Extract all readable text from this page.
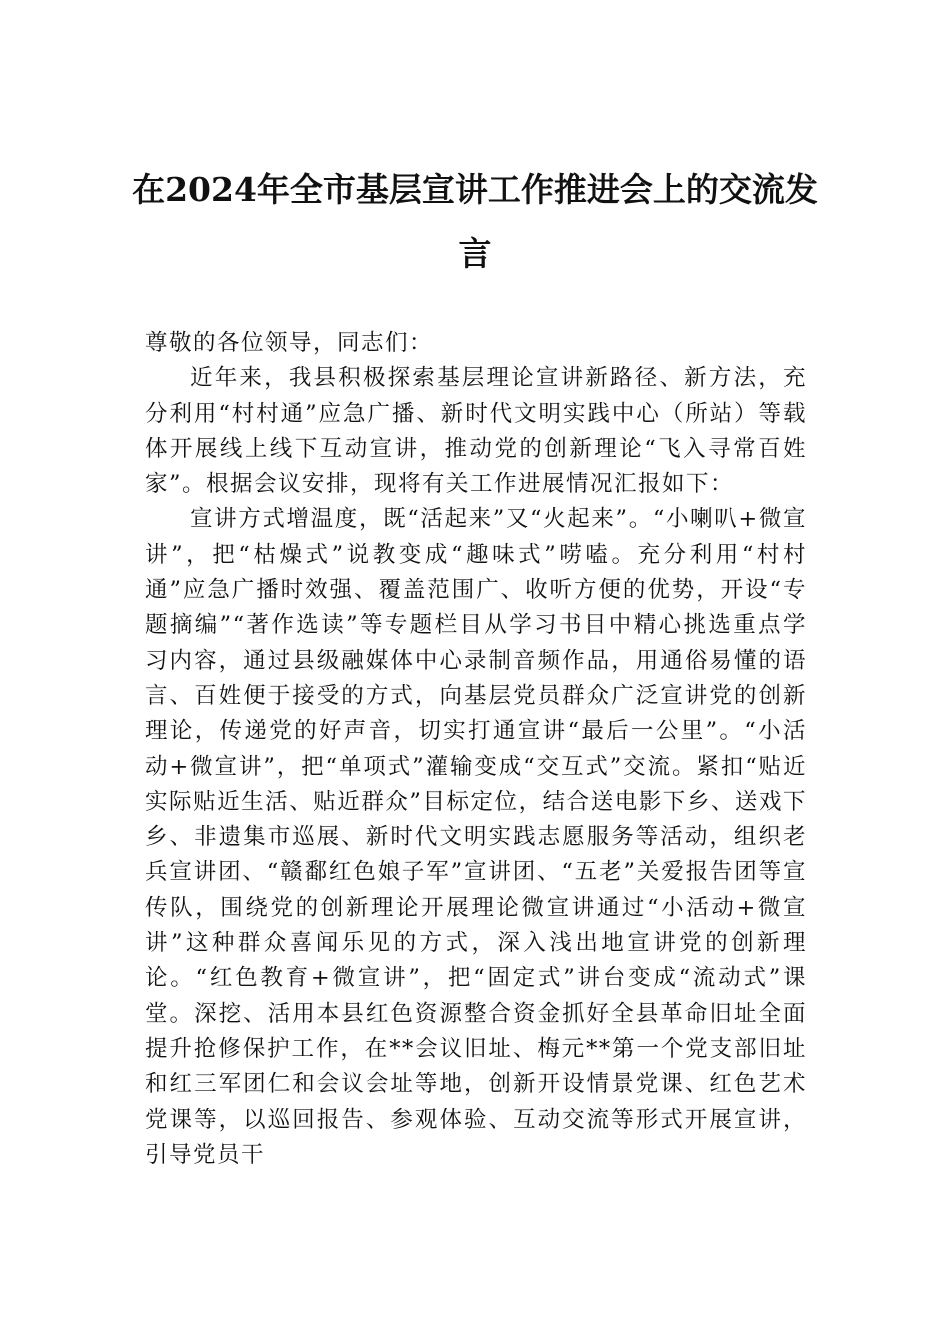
在2024年全市基层宣讲工作推进会上的交流发言

尊敬的各位领导，同志们：

近年来，我县积极探索基层理论宣讲新路径、新方法，充分利用“村村通”应急广播、新时代文明实践中心（所站）等载体开展线上线下互动宣讲，推动党的创新理论“飞入寻常百姓家”。根据会议安排，现将有关工作进展情况汇报如下：

宣讲方式增温度，既“活起来”又“火起来”。“小喇叭+微宣讲”，把“枯燥式”说教变成“趣味式”唠嗑。充分利用“村村通”应急广播时效强、覆盖范围广、收听方便的优势，开设“专题摘编”“著作选读”等专题栏目从学习书目中精心挑选重点学习内容，通过县级融媒体中心录制音频作品，用通俗易懂的语言、百姓便于接受的方式，向基层党员群众广泛宣讲党的创新理论，传递党的好声音，切实打通宣讲“最后一公里”。“小活动+微宣讲”，把“单项式”灌输变成“交互式”交流。紧扣“贴近实际贴近生活、贴近群众”目标定位，结合送电影下乡、送戏下乡、非遗集市巡展、新时代文明实践志愿服务等活动，组织老兵宣讲团、“赣鄱红色娘子军”宣讲团、“五老”关爱报告团等宣传队，围绕党的创新理论开展理论微宣讲通过“小活动+微宣讲”这种群众喜闻乐见的方式，深入浅出地宣讲党的创新理论。“红色教育+微宣讲”，把“固定式”讲台变成“流动式”课堂。深挖、活用本县红色资源整合资金抓好全县革命旧址全面提升抢修保护工作，在**会议旧址、梅元**第一个党支部旧址和红三军团仁和会议会址等地，创新开设情景党课、红色艺术党课等，以巡回报告、参观体验、互动交流等形式开展宣讲，引导党员干
